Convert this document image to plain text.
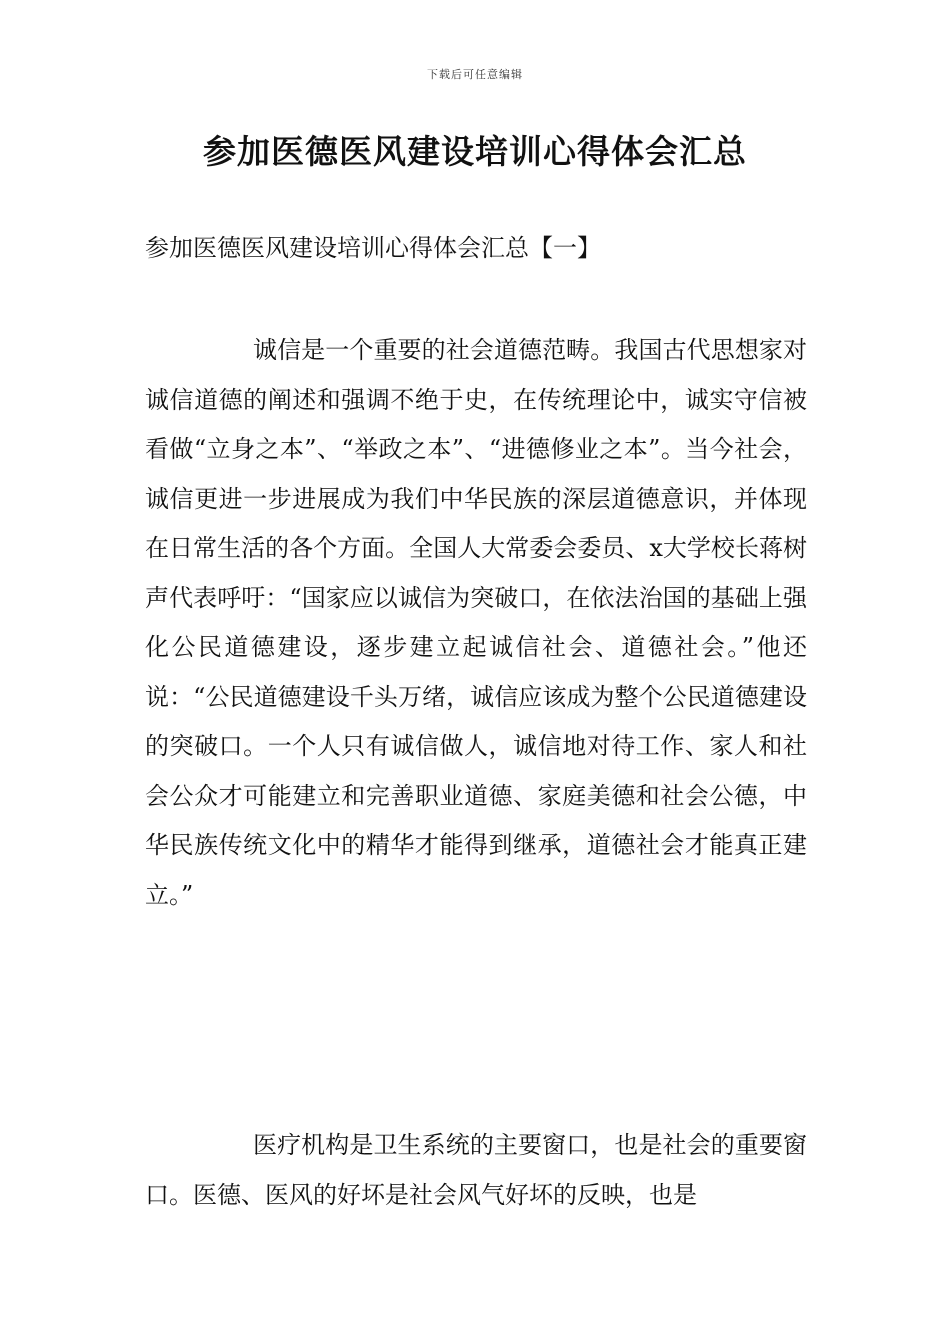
下载后可任意编辑
参加医德医风建设培训心得体会汇总
参加医德医风建设培训心得体会汇总【一】

诚信是一个重要的社会道德范畴。我国古代思想家对诚信道德的阐述和强调不绝于史，在传统理论中，诚实守信被看做“立身之本”、“举政之本”、“进德修业之本”。当今社会，诚信更进一步进展成为我们中华民族的深层道德意识，并体现在日常生活的各个方面。全国人大常委会委员、x大学校长蒋树声代表呼吁：“国家应以诚信为突破口，在依法治国的基础上强化公民道德建设，逐步建立起诚信社会、道德社会。”他还说：“公民道德建设千头万绪，诚信应该成为整个公民道德建设的突破口。一个人只有诚信做人，诚信地对待工作、家人和社会公众才可能建立和完善职业道德、家庭美德和社会公德，中华民族传统文化中的精华才能得到继承，道德社会才能真正建立。”

医疗机构是卫生系统的主要窗口，也是社会的重要窗口。医德、医风的好坏是社会风气好坏的反映，也是
